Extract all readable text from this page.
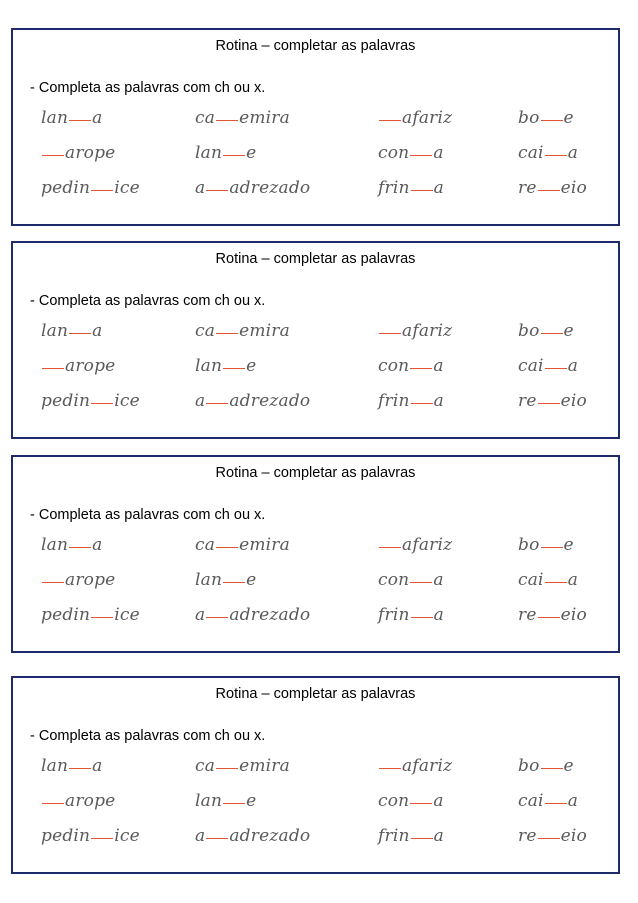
Rotina – completar as palavras
- Completa as palavras com ch ou x.
lan a	ca emira	afariz	bo e
arope	lan e	con a	cai a
pedin ice	a adrezado	frin a	re eio
Rotina – completar as palavras
- Completa as palavras com ch ou x.
lan a	ca emira	afariz	bo e
arope	lan e	con a	cai a
pedin ice	a adrezado	frin a	re eio
Rotina – completar as palavras
- Completa as palavras com ch ou x.
lan a	ca emira	afariz	bo e
arope	lan e	con a	cai a
pedin ice	a adrezado	frin a	re eio
Rotina – completar as palavras
- Completa as palavras com ch ou x.
lan a	ca emira	afariz	bo e
arope	lan e	con a	cai a
pedin ice	a adrezado	frin a	re eio
